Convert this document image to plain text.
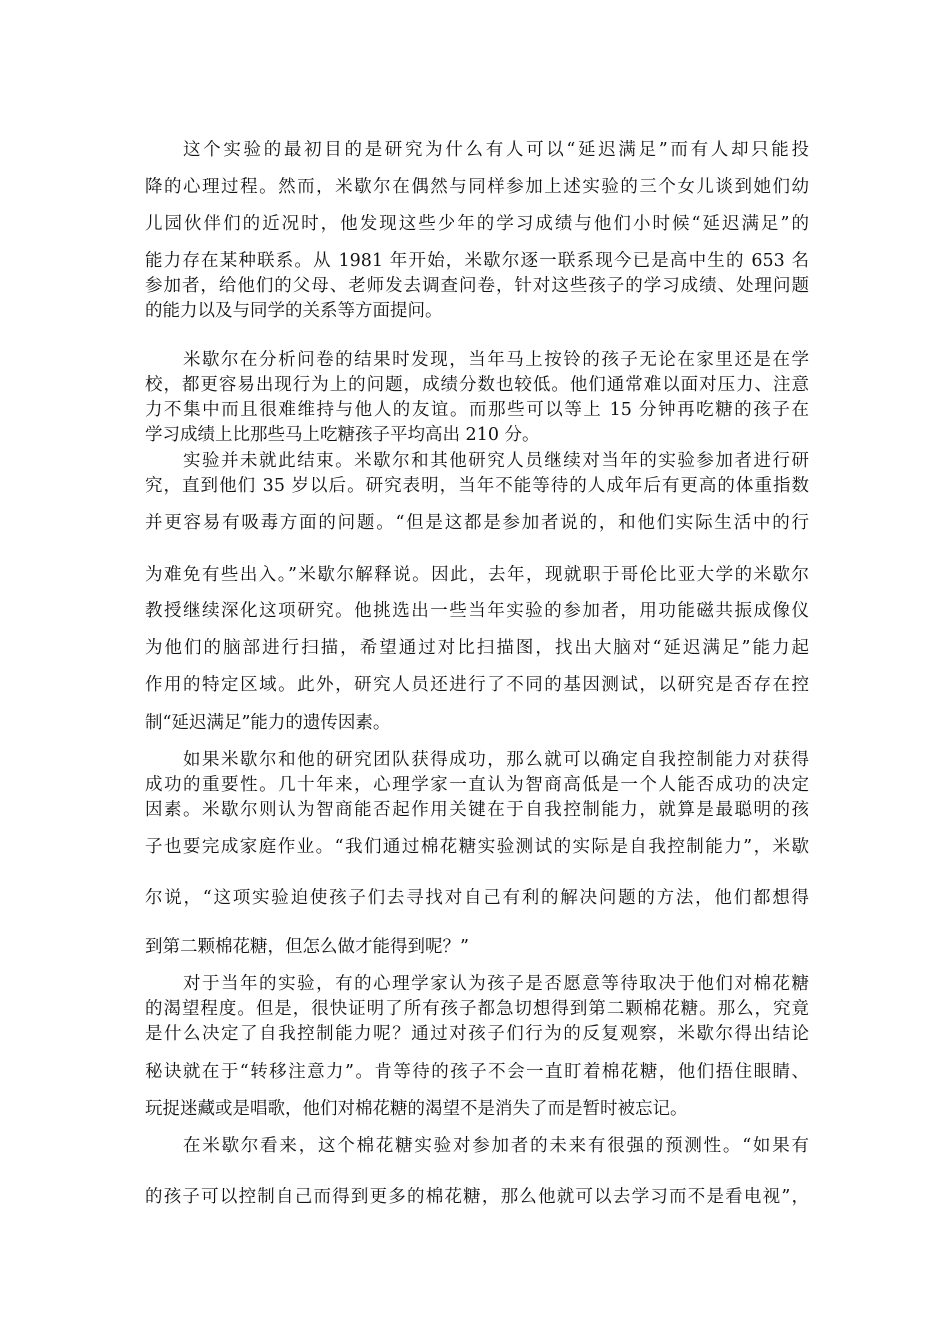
这个实验的最初目的是研究为什么有人可以“延迟满足”而有人却只能投
降的心理过程。然而，米歇尔在偶然与同样参加上述实验的三个女儿谈到她们幼
儿园伙伴们的近况时，他发现这些少年的学习成绩与他们小时候“延迟满足”的
能力存在某种联系。从 1981 年开始，米歇尔逐一联系现今已是高中生的 653 名
参加者，给他们的父母、老师发去调查问卷，针对这些孩子的学习成绩、处理问题
的能力以及与同学的关系等方面提问。
米歇尔在分析问卷的结果时发现，当年马上按铃的孩子无论在家里还是在学
校，都更容易出现行为上的问题，成绩分数也较低。他们通常难以面对压力、注意
力不集中而且很难维持与他人的友谊。而那些可以等上 15 分钟再吃糖的孩子在
学习成绩上比那些马上吃糖孩子平均高出 210 分。
实验并未就此结束。米歇尔和其他研究人员继续对当年的实验参加者进行研
究，直到他们 35 岁以后。研究表明，当年不能等待的人成年后有更高的体重指数
并更容易有吸毒方面的问题。“但是这都是参加者说的，和他们实际生活中的行
为难免有些出入。”米歇尔解释说。因此，去年，现就职于哥伦比亚大学的米歇尔
教授继续深化这项研究。他挑选出一些当年实验的参加者，用功能磁共振成像仪
为他们的脑部进行扫描，希望通过对比扫描图，找出大脑对“延迟满足”能力起
作用的特定区域。此外，研究人员还进行了不同的基因测试，以研究是否存在控
制“延迟满足”能力的遗传因素。
如果米歇尔和他的研究团队获得成功，那么就可以确定自我控制能力对获得
成功的重要性。几十年来，心理学家一直认为智商高低是一个人能否成功的决定
因素。米歇尔则认为智商能否起作用关键在于自我控制能力，就算是最聪明的孩
子也要完成家庭作业。“我们通过棉花糖实验测试的实际是自我控制能力”，米歇
尔说，“这项实验迫使孩子们去寻找对自己有利的解决问题的方法，他们都想得
到第二颗棉花糖，但怎么做才能得到呢？”
对于当年的实验，有的心理学家认为孩子是否愿意等待取决于他们对棉花糖
的渴望程度。但是，很快证明了所有孩子都急切想得到第二颗棉花糖。那么，究竟
是什么决定了自我控制能力呢？通过对孩子们行为的反复观察，米歇尔得出结论
秘诀就在于“转移注意力”。肯等待的孩子不会一直盯着棉花糖，他们捂住眼睛、
玩捉迷藏或是唱歌，他们对棉花糖的渴望不是消失了而是暂时被忘记。
在米歇尔看来，这个棉花糖实验对参加者的未来有很强的预测性。“如果有
的孩子可以控制自己而得到更多的棉花糖，那么他就可以去学习而不是看电视”，
